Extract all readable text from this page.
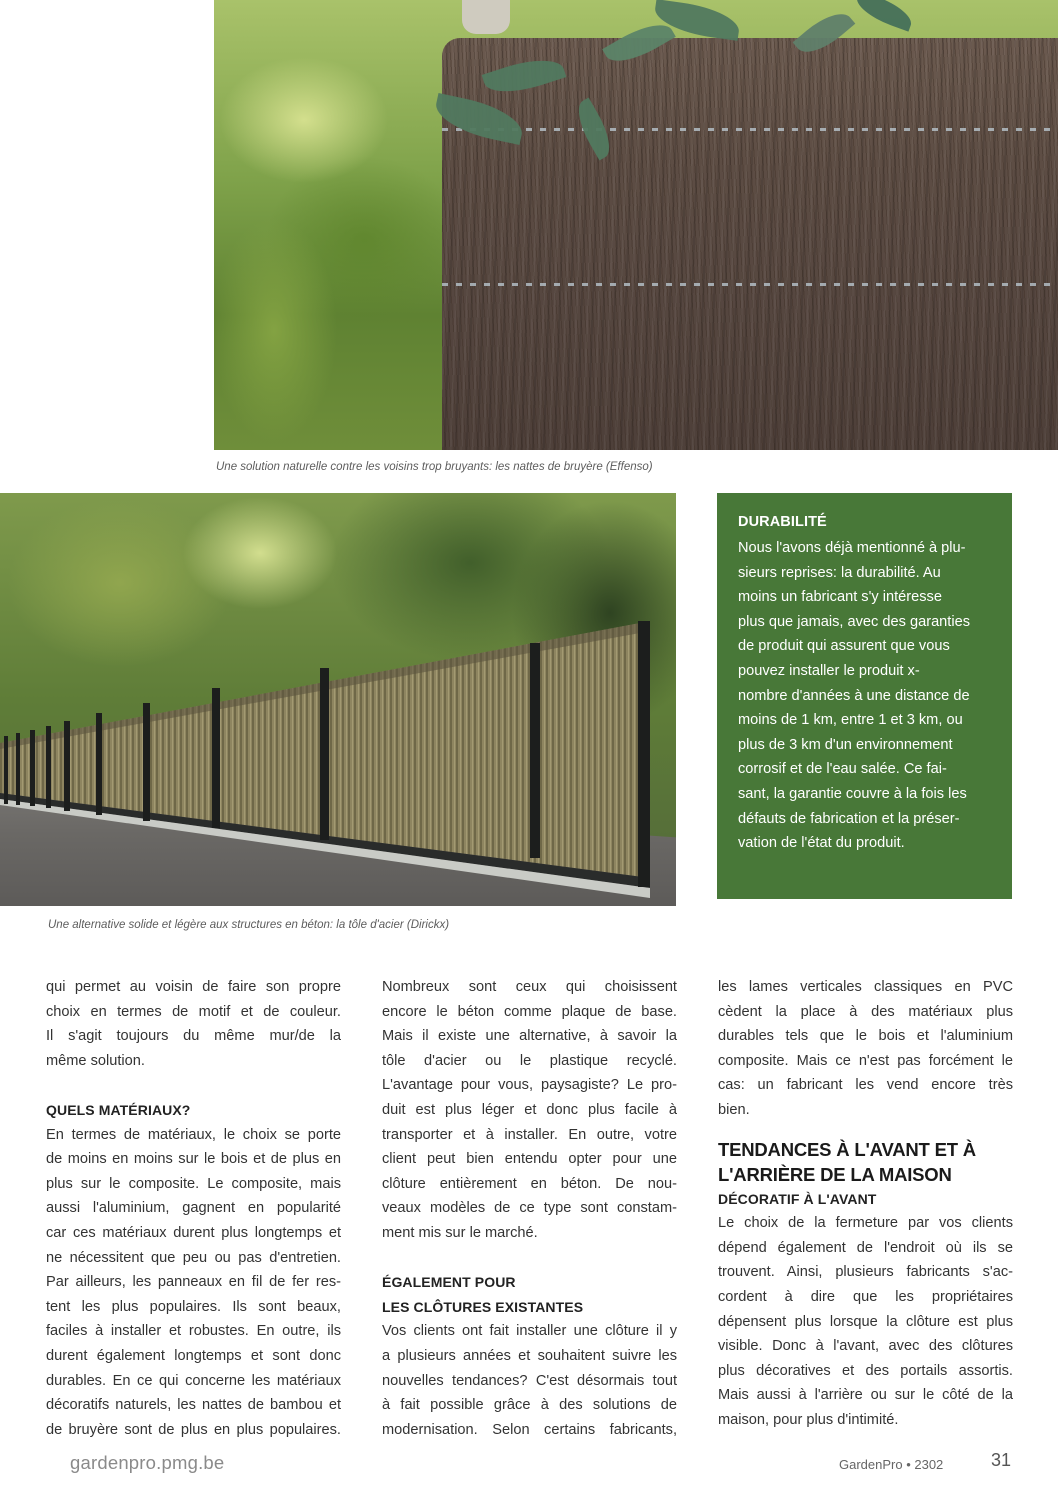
Une solution naturelle contre les voisins trop bruyants: les nattes de bruyère (Effenso)
Une alternative solide et légère aux structures en béton: la tôle d'acier (Dirickx)
DURABILITÉ
Nous l'avons déjà mentionné à plu-
sieurs reprises: la durabilité. Au
moins un fabricant s'y intéresse
plus que jamais, avec des garanties
de produit qui assurent que vous
pouvez installer le produit x-
nombre d'années à une distance de
moins de 1 km, entre 1 et 3 km, ou
plus de 3 km d'un environnement
corrosif et de l'eau salée. Ce fai-
sant, la garantie couvre à la fois les
défauts de fabrication et la préser-
vation de l'état du produit.
qui permet au voisin de faire son propre
choix en termes de motif et de couleur.
Il s'agit toujours du même mur/de la
même solution.
QUELS MATÉRIAUX?
En termes de matériaux, le choix se porte
de moins en moins sur le bois et de plus en
plus sur le composite. Le composite, mais
aussi l'aluminium, gagnent en popularité
car ces matériaux durent plus longtemps et
ne nécessitent que peu ou pas d'entretien.
Par ailleurs, les panneaux en fil de fer res-
tent les plus populaires. Ils sont beaux,
faciles à installer et robustes. En outre, ils
durent également longtemps et sont donc
durables. En ce qui concerne les matériaux
décoratifs naturels, les nattes de bambou et
de bruyère sont de plus en plus populaires.
Nombreux sont ceux qui choisissent
encore le béton comme plaque de base.
Mais il existe une alternative, à savoir la
tôle d'acier ou le plastique recyclé.
L'avantage pour vous, paysagiste? Le pro-
duit est plus léger et donc plus facile à
transporter et à installer. En outre, votre
client peut bien entendu opter pour une
clôture entièrement en béton. De nou-
veaux modèles de ce type sont constam-
ment mis sur le marché.
ÉGALEMENT POUR
LES CLÔTURES EXISTANTES
Vos clients ont fait installer une clôture il y
a plusieurs années et souhaitent suivre les
nouvelles tendances? C'est désormais tout
à fait possible grâce à des solutions de
modernisation. Selon certains fabricants,
les lames verticales classiques en PVC
cèdent la place à des matériaux plus
durables tels que le bois et l'aluminium
composite. Mais ce n'est pas forcément le
cas: un fabricant les vend encore très
bien.
TENDANCES À L'AVANT ET À
L'ARRIÈRE DE LA MAISON
DÉCORATIF À L'AVANT
Le choix de la fermeture par vos clients
dépend également de l'endroit où ils se
trouvent. Ainsi, plusieurs fabricants s'ac-
cordent à dire que les propriétaires
dépensent plus lorsque la clôture est plus
visible. Donc à l'avant, avec des clôtures
plus décoratives et des portails assortis.
Mais aussi à l'arrière ou sur le côté de la
maison, pour plus d'intimité.
gardenpro.pmg.be	GardenPro • 2302	31
